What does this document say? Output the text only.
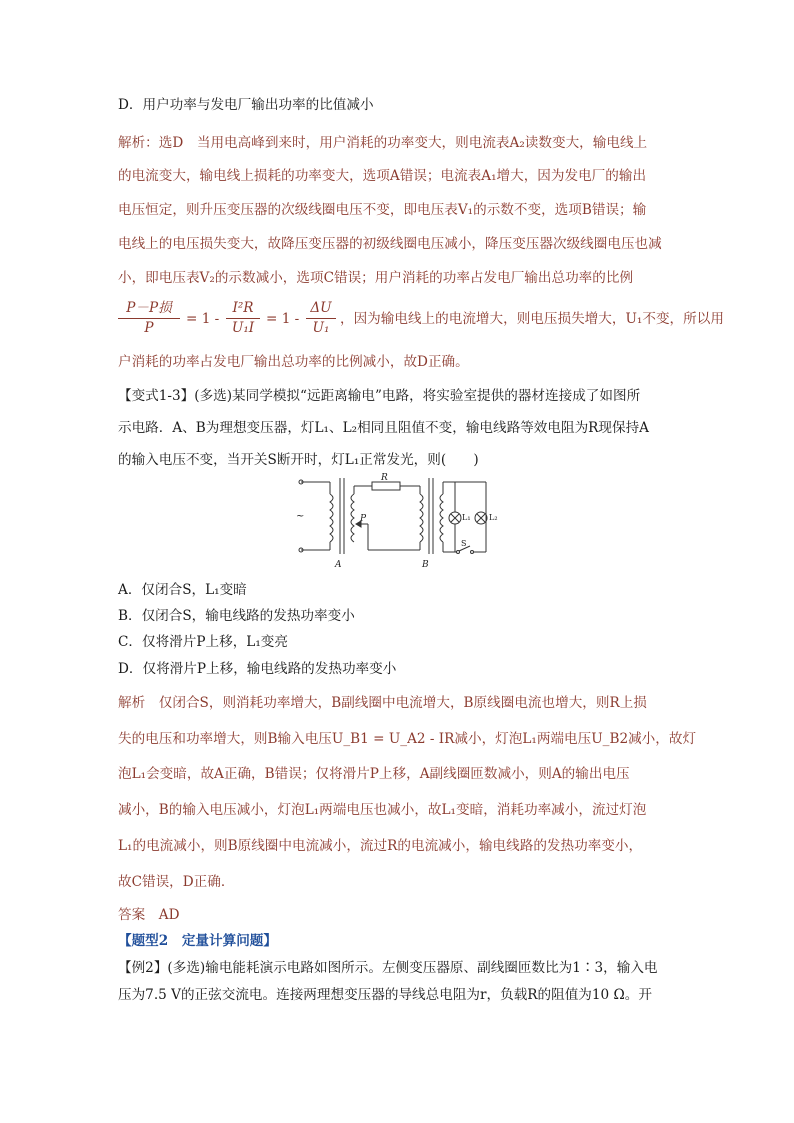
D．用户功率与发电厂输出功率的比值减小
解析：选D　当用电高峰到来时，用户消耗的功率变大，则电流表A₂读数变大，输电线上
的电流变大，输电线上损耗的功率变大，选项A错误；电流表A₁增大，因为发电厂的输出
电压恒定，则升压变压器的次级线圈电压不变，即电压表V₁的示数不变，选项B错误；输
电线上的电压损失变大，故降压变压器的初级线圈电压减小，降压变压器次级线圈电压也减
小，即电压表V₂的示数减小，选项C错误；用户消耗的功率占发电厂输出总功率的比例
P－P损
P
= 1 -
I²R
U₁I
= 1 -
ΔU
U₁
，因为输电线上的电流增大，则电压损失增大，U₁不变，所以用
户消耗的功率占发电厂输出总功率的比例减小，故D正确。
【变式1-3】(多选)某同学模拟“远距离输电”电路，将实验室提供的器材连接成了如图所
示电路．A、B为理想变压器，灯L₁、L₂相同且阻值不变，输电线路等效电阻为R现保持A
的输入电压不变，当开关S断开时，灯L₁正常发光，则(　　)
R
P
A	B
L₁ L₂
S
~
A．仅闭合S，L₁变暗
B．仅闭合S，输电线路的发热功率变小
C．仅将滑片P上移，L₁变亮
D．仅将滑片P上移，输电线路的发热功率变小
解析　仅闭合S，则消耗功率增大，B副线圈中电流增大，B原线圈电流也增大，则R上损
失的电压和功率增大，则B输入电压U_B1 = U_A2 - IR减小，灯泡L₁两端电压U_B2减小，故灯
泡L₁会变暗，故A正确，B错误；仅将滑片P上移，A副线圈匝数减小，则A的输出电压
减小，B的输入电压减小，灯泡L₁两端电压也减小，故L₁变暗，消耗功率减小，流过灯泡
L₁的电流减小，则B原线圈中电流减小，流过R的电流减小，输电线路的发热功率变小，
故C错误，D正确．
答案　AD
【题型2　定量计算问题】
【例2】(多选)输电能耗演示电路如图所示。左侧变压器原、副线圈匝数比为1∶3，输入电
压为7.5 V的正弦交流电。连接两理想变压器的导线总电阻为r，负载R的阻值为10 Ω。开
